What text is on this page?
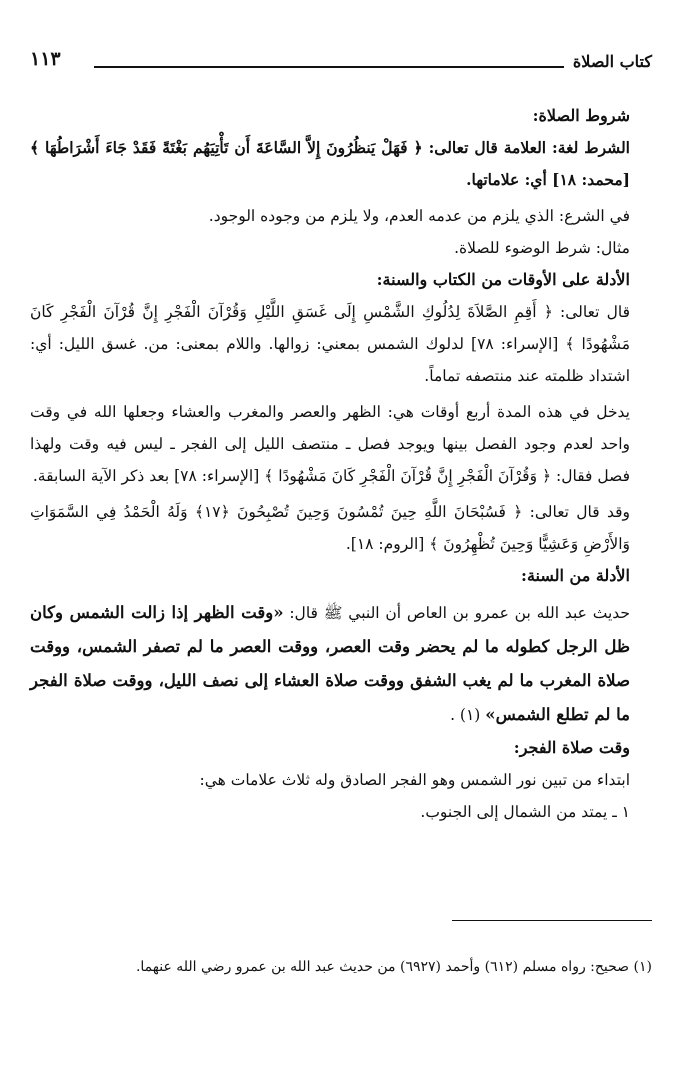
كتاب الصلاة
١١٣

شروط الصلاة:

الشرط لغة: العلامة قال تعالى: ﴿ فَهَلْ يَنظُرُونَ إِلاَّ السَّاعَةَ أَن تَأْتِيَهُم بَغْتَةً فَقَدْ جَاءَ أَشْرَاطُهَا ﴾ [محمد: ١٨] أي: علاماتها.

في الشرع: الذي يلزم من عدمه العدم، ولا يلزم من وجوده الوجود.

مثال: شرط الوضوء للصلاة.

الأدلة على الأوقات من الكتاب والسنة:

قال تعالى: ﴿ أَقِمِ الصَّلاَةَ لِدُلُوكِ الشَّمْسِ إِلَى غَسَقِ اللَّيْلِ وَقُرْآنَ الْفَجْرِ إِنَّ قُرْآنَ الْفَجْرِ كَانَ مَشْهُودًا ﴾ [الإسراء: ٧٨] لدلوك الشمس بمعني: زوالها. واللام بمعنى: من. غسق الليل: أي: اشتداد ظلمته عند منتصفه تماماً.

يدخل في هذه المدة أربع أوقات هي: الظهر والعصر والمغرب والعشاء وجعلها الله في وقت واحد لعدم وجود الفصل بينها ويوجد فصل ـ منتصف الليل إلى الفجر ـ ليس فيه وقت ولهذا فصل فقال: ﴿ وَقُرْآنَ الْفَجْرِ إِنَّ قُرْآنَ الْفَجْرِ كَانَ مَشْهُودًا ﴾ [الإسراء: ٧٨] بعد ذكر الآية السابقة.

وقد قال تعالى: ﴿ فَسُبْحَانَ اللَّهِ حِينَ تُمْسُونَ وَحِينَ تُصْبِحُونَ ﴿١٧﴾ وَلَهُ الْحَمْدُ فِي السَّمَوَاتِ وَالأَرْضِ وَعَشِيًّا وَحِينَ تُظْهِرُونَ ﴾ [الروم: ١٨].

الأدلة من السنة:

حديث عبد الله بن عمرو بن العاص أن النبي ﷺ قال: «وقت الظهر إذا زالت الشمس وكان ظل الرجل كطوله ما لم يحضر وقت العصر، ووقت العصر ما لم تصفر الشمس، ووقت صلاة المغرب ما لم يغب الشفق ووقت صلاة العشاء إلى نصف الليل، ووقت صلاة الفجر ما لم تطلع الشمس» (١) .

وقت صلاة الفجر:

ابتداء من تبين نور الشمس وهو الفجر الصادق وله ثلاث علامات هي:

١ ـ يمتد من الشمال إلى الجنوب.

(١) صحيح: رواه مسلم (٦١٢) وأحمد (٦٩٢٧) من حديث عبد الله بن عمرو رضي الله عنهما.
